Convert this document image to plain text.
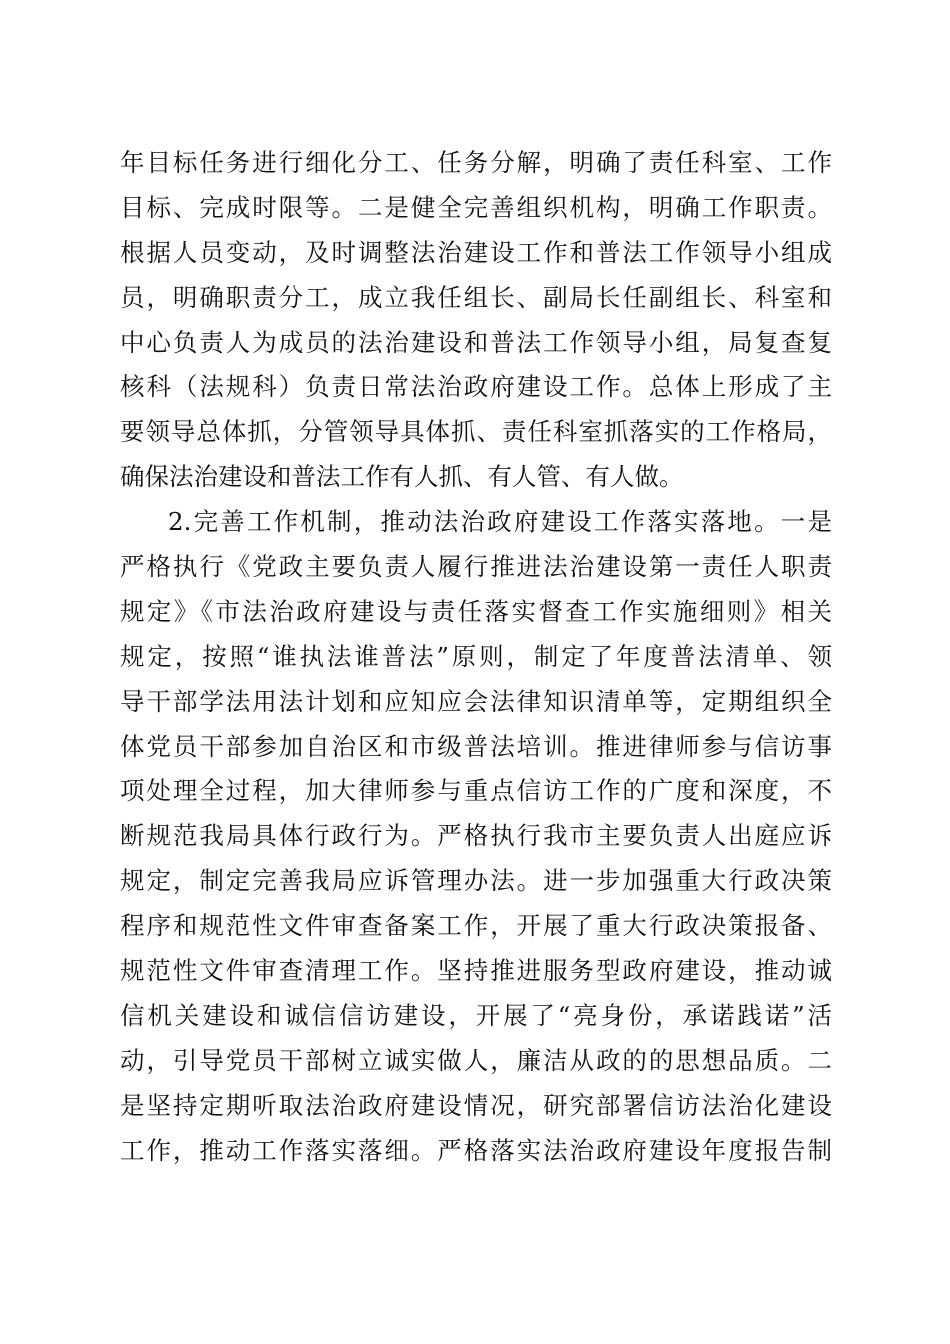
年目标任务进行细化分工、任务分解，明确了责任科室、工作
目标、完成时限等。二是健全完善组织机构，明确工作职责。
根据人员变动，及时调整法治建设工作和普法工作领导小组成
员，明确职责分工，成立我任组长、副局长任副组长、科室和
中心负责人为成员的法治建设和普法工作领导小组，局复查复
核科（法规科）负责日常法治政府建设工作。总体上形成了主
要领导总体抓，分管领导具体抓、责任科室抓落实的工作格局，
确保法治建设和普法工作有人抓、有人管、有人做。
2.完善工作机制，推动法治政府建设工作落实落地。一是
严格执行《党政主要负责人履行推进法治建设第一责任人职责
规定》《市法治政府建设与责任落实督查工作实施细则》相关
规定，按照“谁执法谁普法”原则，制定了年度普法清单、领
导干部学法用法计划和应知应会法律知识清单等，定期组织全
体党员干部参加自治区和市级普法培训。推进律师参与信访事
项处理全过程，加大律师参与重点信访工作的广度和深度，不
断规范我局具体行政行为。严格执行我市主要负责人出庭应诉
规定，制定完善我局应诉管理办法。进一步加强重大行政决策
程序和规范性文件审查备案工作，开展了重大行政决策报备、
规范性文件审查清理工作。坚持推进服务型政府建设，推动诚
信机关建设和诚信信访建设，开展了“亮身份，承诺践诺”活
动，引导党员干部树立诚实做人，廉洁从政的的思想品质。二
是坚持定期听取法治政府建设情况，研究部署信访法治化建设
工作，推动工作落实落细。严格落实法治政府建设年度报告制
